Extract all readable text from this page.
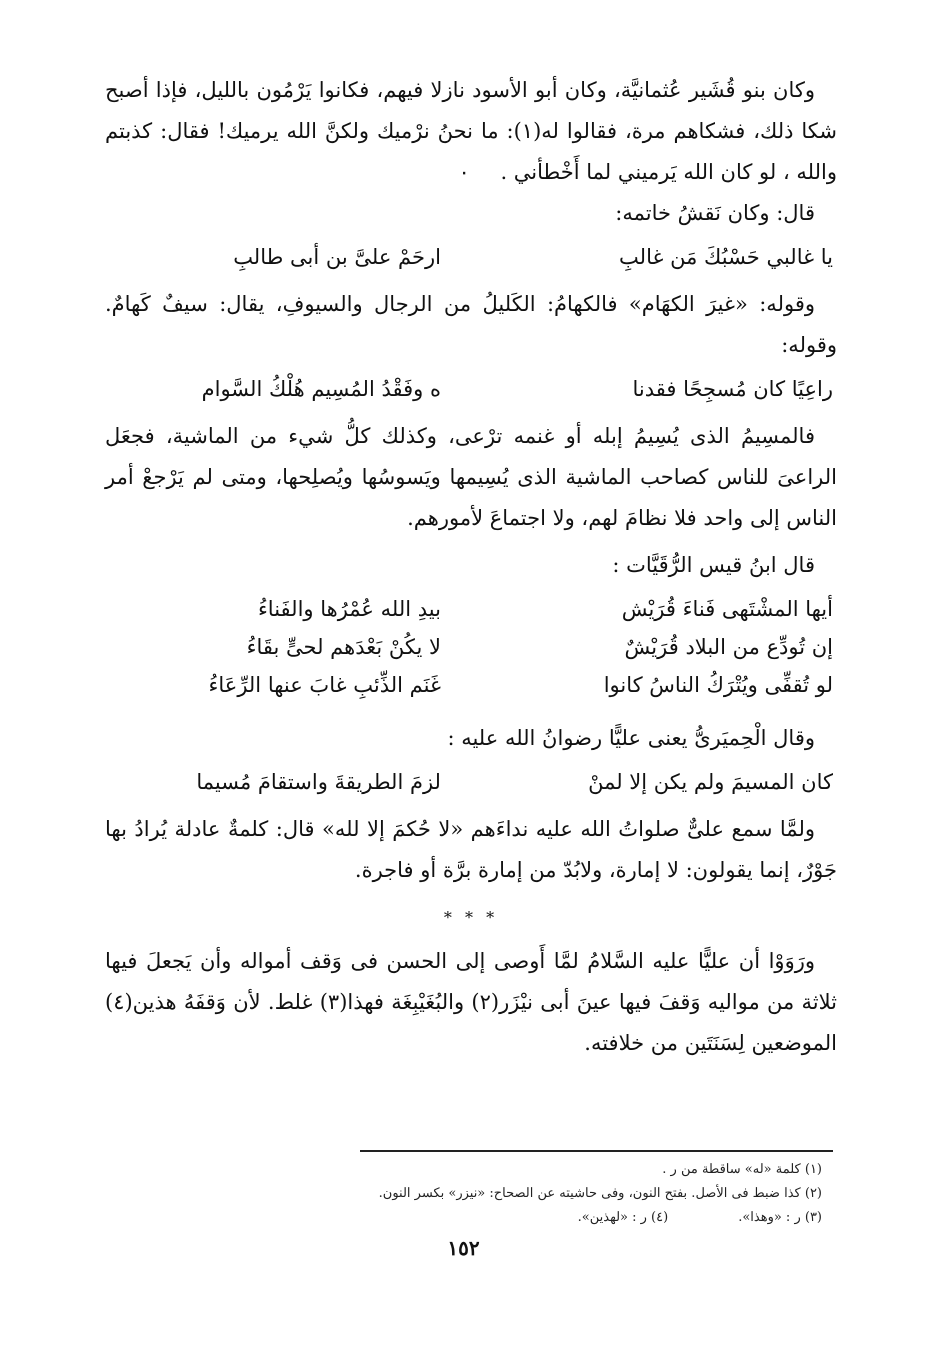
وكان بنو قُشَير عُثمانيَّة، وكان أبو الأسود نازلا فيهم، فكانوا يَرْمُون بالليل، فإذا أصبح شكا ذلك، فشكاهم مرة، فقالوا له(١): ما نحنُ نرْميك ولكنَّ الله يرميك! فقال: كذبتم والله ، لو كان الله يَرميني لما أَخْطأني . ٠

قال: وكان نَقشُ خاتمه:

يا غالبي حَسْبُكَ مَن غالبِ
ارحَمْ علىَّ بن أبى طالبِ

وقوله: «غيرَ الكهَام» فالكهامُ: الكَليلُ من الرجال والسيوفِ، يقال: سيفٌ كَهامٌ. وقوله:

راعِيًا كان مُسجِحًا فقدنا
ه وفَقْدُ المُسِيم هُلْكُ السَّوام

فالمسِيمُ الذى يُسِيمُ إبله أو غنمه ترْعى، وكذلك كلُّ شيء من الماشية، فجعَل الراعىَ للناس كصاحب الماشية الذى يُسِيمها ويَسوسُها ويُصلِحها، ومتى لم يَرْجعْ أمر الناس إلى واحد فلا نظامَ لهم، ولا اجتماعَ لأمورهم.

قال ابنُ قيس الرُّقَيَّات :

أيها المشْتَهى فَناءَ قُرَيْش
بيدِ الله عُمْرُها والفَناءُ
إن تُودِّع من البلاد قُرَيْشٌ
لا يكُنْ بَعْدَهم لحىٍّ بقَاءُ
لو تُقفِّى ويُتْرَكُ الناسُ كانوا
غَنَم الذِّئبِ غابَ عنها الرِّعَاءُ

وقال الْحِميَرىُّ يعنى عليًّا رضوانُ الله عليه :

كان المسيمَ ولم يكن إلا لمنْ
لزمَ الطريقةَ واستقامَ مُسيما

ولمَّا سمع علىٌّ صلواتُ الله عليه نداءَهم «لا حُكمَ إلا لله» قال: كلمةٌ عادلة يُرادُ بها جَوْرٌ، إنما يقولون: لا إمارة، ولابُدّ من إمارة برَّة أو فاجرة.

* * *

ورَوَوْا أن عليًّا عليه السَّلامُ لمَّا أَوصى إلى الحسن فى وَقف أمواله وأن يَجعلَ فيها ثلاثة من مواليه وَقفَ فيها عينَ أبى نيْزَر(٢) والبُغَيْبِغَة فهذا(٣) غلط. لأن وَقفَهُ هذين(٤) الموضعين لِسَنَتَين من خلافته.

(١) كلمة «له» ساقطة من ر .
(٢) كذا ضبط فى الأصل. بفتح النون، وفى حاشيته عن الصحاح: «نيزر» بكسر النون.
(٣) ر : «وهذا».
(٤) ر : «لهذين».
١٥٢
